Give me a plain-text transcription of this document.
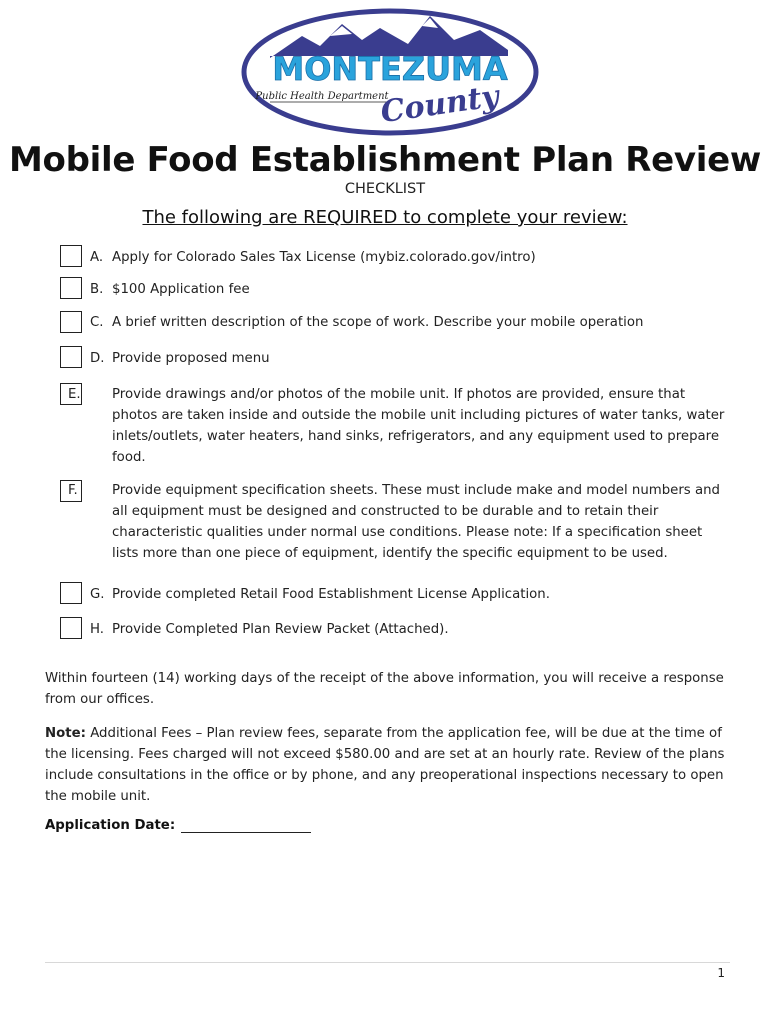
MONTEZUMA
Public Health Department
County
Mobile Food Establishment Plan Review
CHECKLIST
The following are REQUIRED to complete your review:
A. Apply for Colorado Sales Tax License (mybiz.colorado.gov/intro)
B. $100 Application fee
C. A brief written description of the scope of work. Describe your mobile operation
D. Provide proposed menu
E. Provide drawings and/or photos of the mobile unit. If photos are provided, ensure that photos are taken inside and outside the mobile unit including pictures of water tanks, water inlets/outlets, water heaters, hand sinks, refrigerators, and any equipment used to prepare food.
F.	Provide equipment specification sheets. These must include make and model numbers and all equipment must be designed and constructed to be durable and to retain their characteristic qualities under normal use conditions. Please note: If a specification sheet lists more than one piece of equipment, identify the specific equipment to be used.
G. Provide completed Retail Food Establishment License Application.
H. Provide Completed Plan Review Packet (Attached).
Within fourteen (14) working days of the receipt of the above information, you will receive a response from our offices.
Note: Additional Fees – Plan review fees, separate from the application fee, will be due at the time of the licensing. Fees charged will not exceed $580.00 and are set at an hourly rate. Review of the plans include consultations in the office or by phone, and any preoperational inspections necessary to open the mobile unit.
Application Date:
1
